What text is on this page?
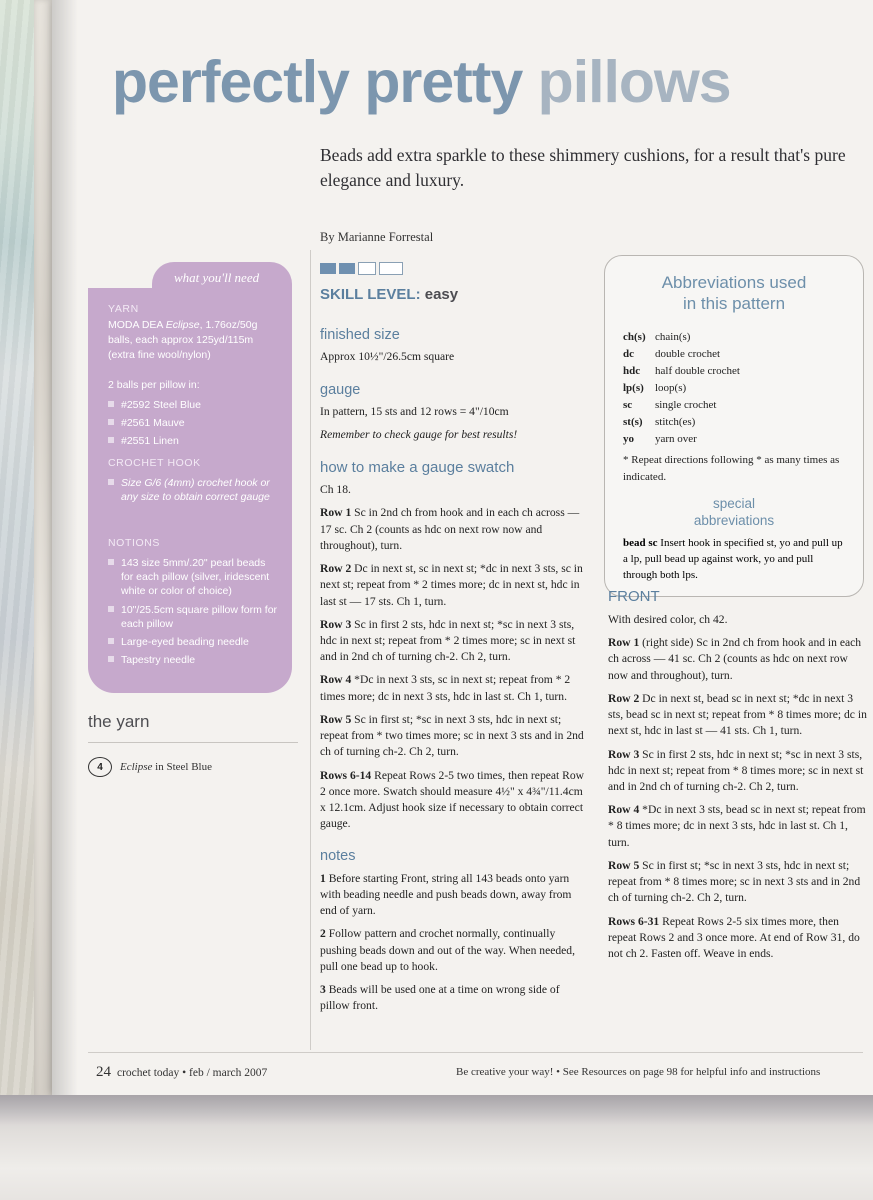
perfectly pretty pillows
Beads add extra sparkle to these shimmery cushions, for a result that's pure elegance and luxury.
By Marianne Forrestal
SKILL LEVEL: easy
what you'll need
YARN
MODA DEA Eclipse, 1.76oz/50g balls, each approx 125yd/115m (extra fine wool/nylon)
2 balls per pillow in:
#2592 Steel Blue
#2561 Mauve
#2551 Linen
CROCHET HOOK
Size G/6 (4mm) crochet hook or any size to obtain correct gauge
NOTIONS
143 size 5mm/.20" pearl beads for each pillow (silver, iridescent white or color of choice)
10"/25.5cm square pillow form for each pillow
Large-eyed beading needle
Tapestry needle
the yarn
4	Eclipse in Steel Blue
finished size

Approx 10½"/26.5cm square

gauge

In pattern, 15 sts and 12 rows = 4"/10cm

Remember to check gauge for best results!

how to make a gauge swatch

Ch 18.

Row 1 Sc in 2nd ch from hook and in each ch across — 17 sc. Ch 2 (counts as hdc on next row now and throughout), turn.

Row 2 Dc in next st, sc in next st; *dc in next 3 sts, sc in next st; repeat from * 2 times more; dc in next st, hdc in last st — 17 sts. Ch 1, turn.

Row 3 Sc in first 2 sts, hdc in next st; *sc in next 3 sts, hdc in next st; repeat from * 2 times more; sc in next st and in 2nd ch of turning ch-2. Ch 2, turn.

Row 4 *Dc in next 3 sts, sc in next st; repeat from * 2 times more; dc in next 3 sts, hdc in last st. Ch 1, turn.

Row 5 Sc in first st; *sc in next 3 sts, hdc in next st; repeat from * two times more; sc in next 3 sts and in 2nd ch of turning ch-2. Ch 2, turn.

Rows 6-14 Repeat Rows 2-5 two times, then repeat Row 2 once more. Swatch should measure 4½" x 4¾"/11.4cm x 12.1cm. Adjust hook size if necessary to obtain correct gauge.

notes

1 Before starting Front, string all 143 beads onto yarn with beading needle and push beads down, away from end of yarn.

2 Follow pattern and crochet normally, continually pushing beads down and out of the way. When needed, pull one bead up to hook.

3 Beads will be used one at a time on wrong side of pillow front.

Abbreviations used
in this pattern
ch(s) chain(s)
dc double crochet
hdc half double crochet
lp(s) loop(s)
sc single crochet
st(s) stitch(es)
yo yarn over
* Repeat directions following * as many times as indicated.
special
abbreviations
bead sc Insert hook in specified st, yo and pull up a lp, pull bead up against work, yo and pull through both lps.
FRONT

With desired color, ch 42.

Row 1 (right side) Sc in 2nd ch from hook and in each ch across — 41 sc. Ch 2 (counts as hdc on next row now and throughout), turn.

Row 2 Dc in next st, bead sc in next st; *dc in next 3 sts, bead sc in next st; repeat from * 8 times more; dc in next st, hdc in last st — 41 sts. Ch 1, turn.

Row 3 Sc in first 2 sts, hdc in next st; *sc in next 3 sts, hdc in next st; repeat from * 8 times more; sc in next st and in 2nd ch of turning ch-2. Ch 2, turn.

Row 4 *Dc in next 3 sts, bead sc in next st; repeat from * 8 times more; dc in next 3 sts, hdc in last st. Ch 1, turn.

Row 5 Sc in first st; *sc in next 3 sts, hdc in next st; repeat from * 8 times more; sc in next 3 sts and in 2nd ch of turning ch-2. Ch 2, turn.

Rows 6-31 Repeat Rows 2-5 six times more, then repeat Rows 2 and 3 once more. At end of Row 31, do not ch 2. Fasten off. Weave in ends.

24 crochet today • feb / march 2007	Be creative your way! • See Resources on page 98 for helpful info and instructions
